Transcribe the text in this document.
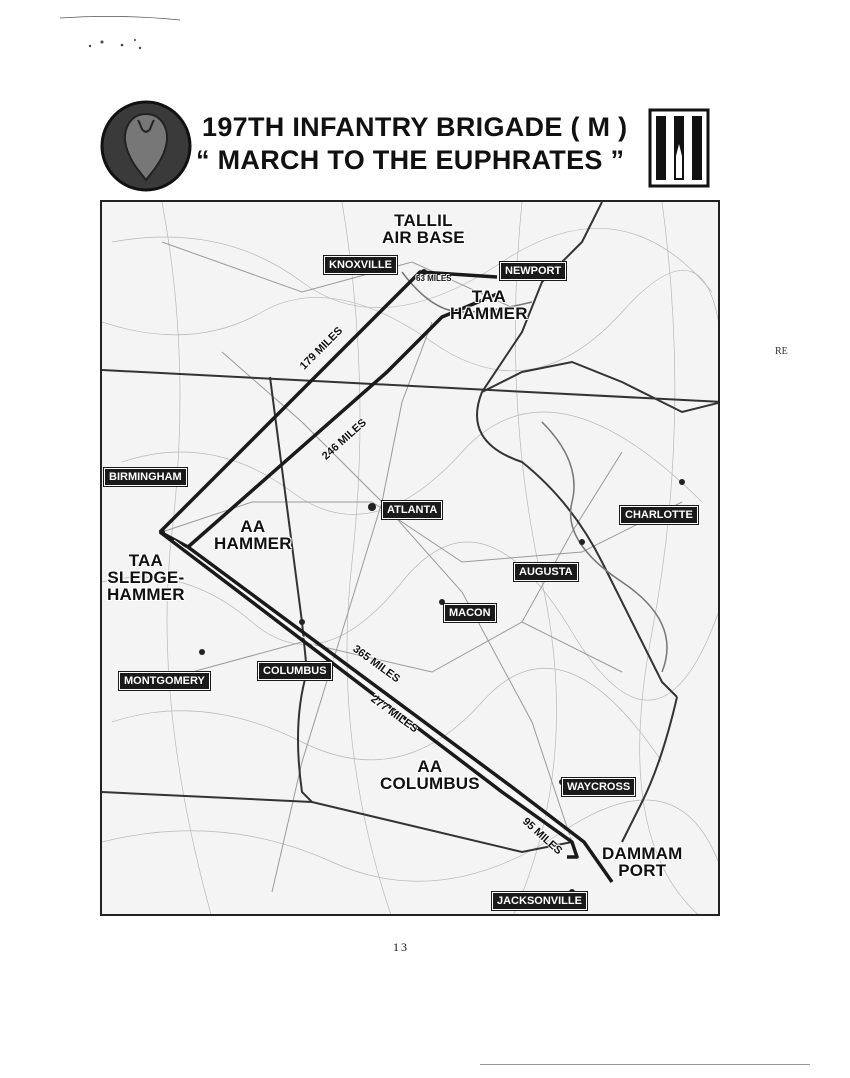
RE
197TH INFANTRY BRIGADE ( M )
“ MARCH TO THE EUPHRATES ”
TALLIL
AIR BASE
TAA
HAMMER
AA
HAMMER
TAA
SLEDGE-
HAMMER
AA
COLUMBUS
DAMMAM
PORT
KNOXVILLE	NEWPORT
BIRMINGHAM
ATLANTA	CHARLOTTE
AUGUSTA
MACON
COLUMBUS
MONTGOMERY
WAYCROSS
JACKSONVILLE
179 MILES
246 MILES
365 MILES
277 MILES
95 MILES
63 MILES
13
